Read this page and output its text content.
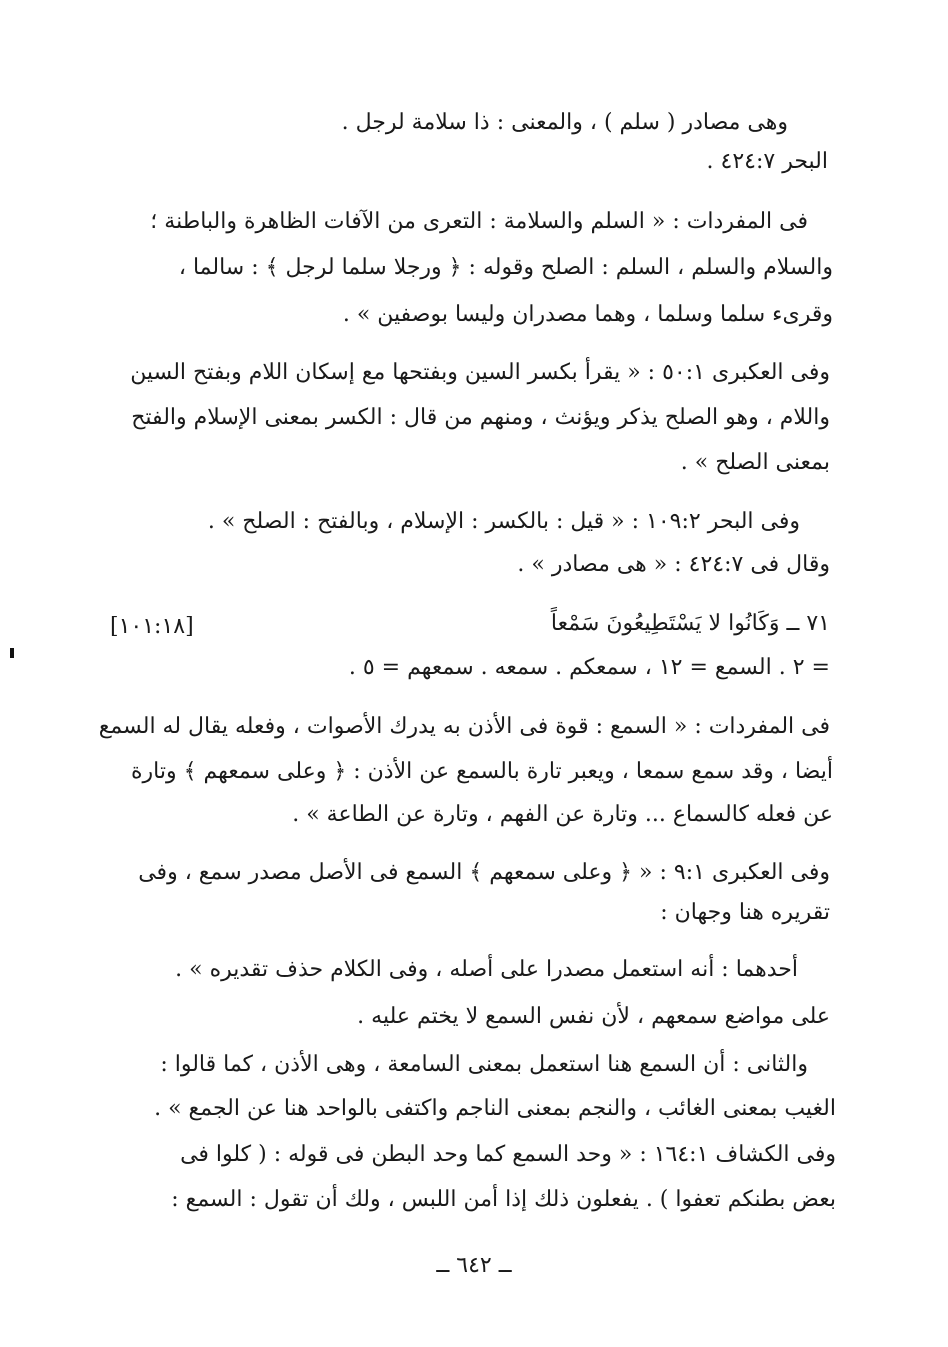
وهى مصادر ( سلم ) ، والمعنى : ذا سلامة لرجل .
البحر ٤٢٤:٧ .
فى المفردات : « السلم والسلامة : التعرى من الآفات الظاهرة والباطنة ؛
والسلام والسلم ، السلم : الصلح وقوله : ﴿ ورجلا سلما لرجل ﴾ : سالما ،
وقرىء سلما وسلما ، وهما مصدران وليسا بوصفين » .
وفى العكبرى ٥٠:١ : « يقرأ بكسر السين وبفتحها مع إسكان اللام وبفتح السين
واللام ، وهو الصلح يذكر ويؤنث ، ومنهم من قال : الكسر بمعنى الإسلام والفتح
بمعنى الصلح » .
وفى البحر ١٠٩:٢ : « قيل : بالكسر : الإسلام ، وبالفتح : الصلح » .
وقال فى ٤٢٤:٧ : « هى مصادر » .
٧١ ــ وَكَانُوا لا يَسْتَطِيعُونَ سَمْعاً
[١٠١:١٨]
= ٢ . السمع = ١٢ ، سمعكم . سمعه . سمعهم = ٥ .
فى المفردات : « السمع : قوة فى الأذن به يدرك الأصوات ، وفعله يقال له السمع
أيضا ، وقد سمع سمعا ، ويعبر تارة بالسمع عن الأذن : ﴿ وعلى سمعهم ﴾ وتارة
عن فعله كالسماع ... وتارة عن الفهم ، وتارة عن الطاعة » .
وفى العكبرى ٩:١ : « ﴿ وعلى سمعهم ﴾ السمع فى الأصل مصدر سمع ، وفى
تقريره هنا وجهان :
أحدهما : أنه استعمل مصدرا على أصله ، وفى الكلام حذف تقديره » .
على مواضع سمعهم ، لأن نفس السمع لا يختم عليه .
والثانى : أن السمع هنا استعمل بمعنى السامعة ، وهى الأذن ، كما قالوا :
الغيب بمعنى الغائب ، والنجم بمعنى الناجم واكتفى بالواحد هنا عن الجمع » .
وفى الكشاف ١٦٤:١ : « وحد السمع كما وحد البطن فى قوله : ( كلوا فى
بعض بطنكم تعفوا ) . يفعلون ذلك إذا أمن اللبس ، ولك أن تقول : السمع :
ــ ٦٤٢ ــ
